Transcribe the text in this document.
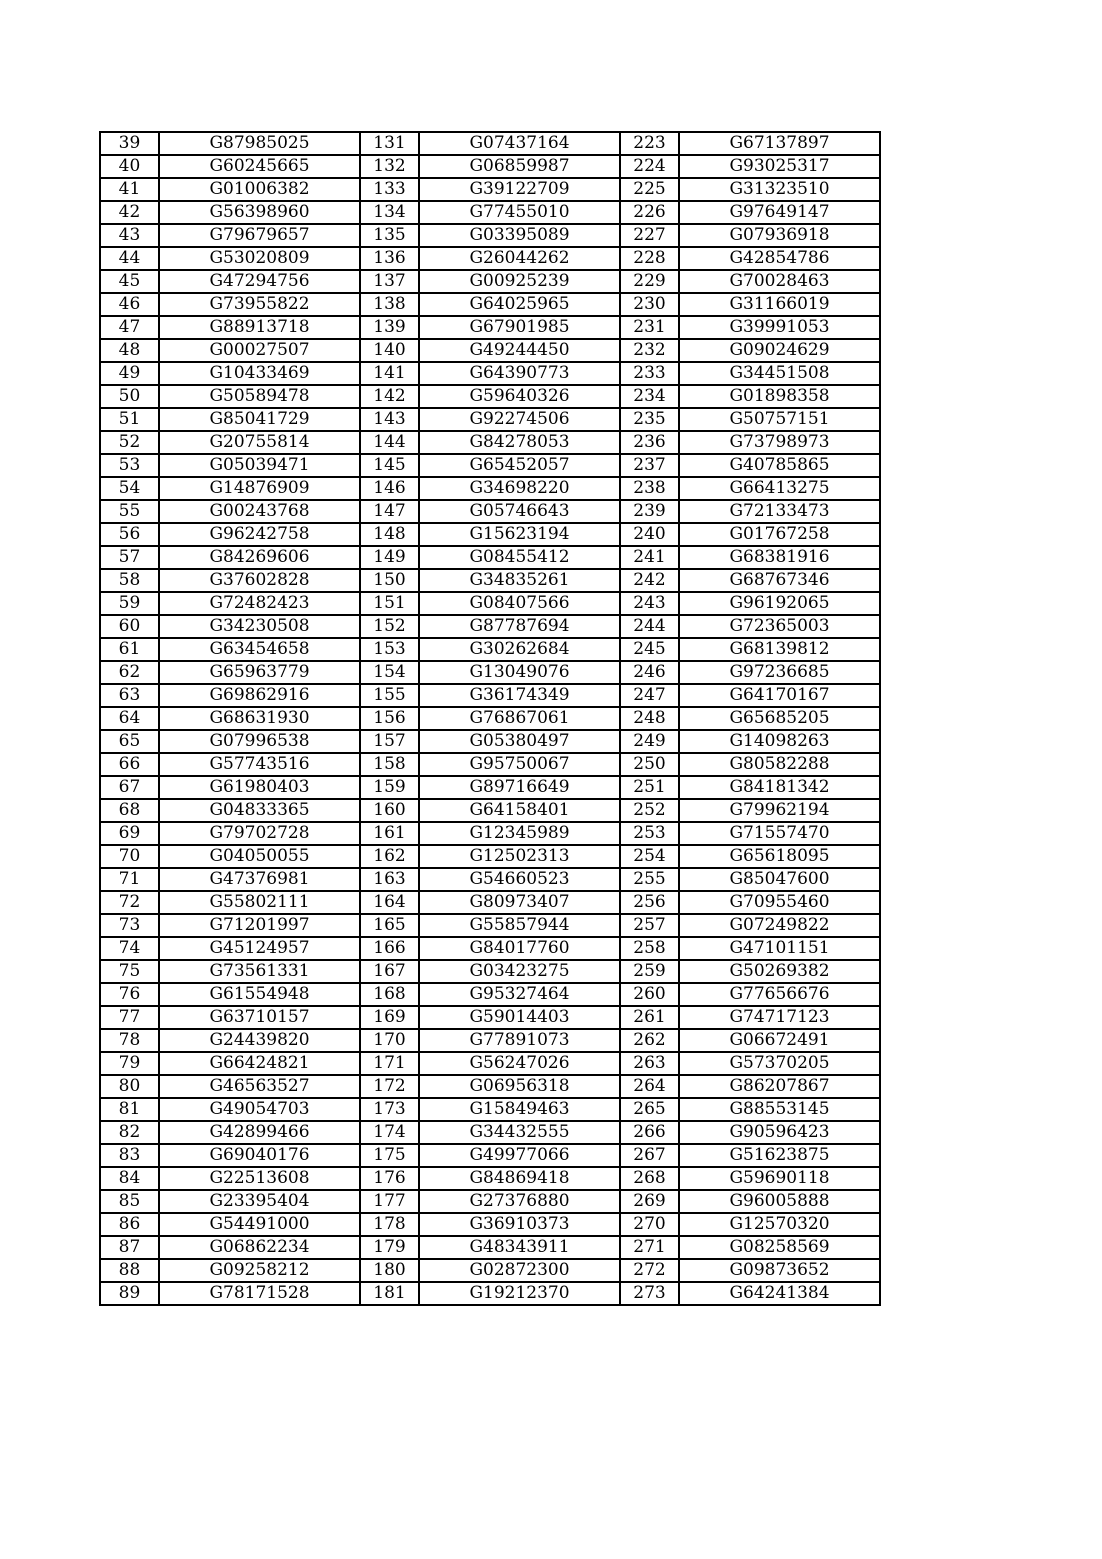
39	G87985025	131	G07437164	223	G67137897
40	G60245665	132	G06859987	224	G93025317
41	G01006382	133	G39122709	225	G31323510
42	G56398960	134	G77455010	226	G97649147
43	G79679657	135	G03395089	227	G07936918
44	G53020809	136	G26044262	228	G42854786
45	G47294756	137	G00925239	229	G70028463
46	G73955822	138	G64025965	230	G31166019
47	G88913718	139	G67901985	231	G39991053
48	G00027507	140	G49244450	232	G09024629
49	G10433469	141	G64390773	233	G34451508
50	G50589478	142	G59640326	234	G01898358
51	G85041729	143	G92274506	235	G50757151
52	G20755814	144	G84278053	236	G73798973
53	G05039471	145	G65452057	237	G40785865
54	G14876909	146	G34698220	238	G66413275
55	G00243768	147	G05746643	239	G72133473
56	G96242758	148	G15623194	240	G01767258
57	G84269606	149	G08455412	241	G68381916
58	G37602828	150	G34835261	242	G68767346
59	G72482423	151	G08407566	243	G96192065
60	G34230508	152	G87787694	244	G72365003
61	G63454658	153	G30262684	245	G68139812
62	G65963779	154	G13049076	246	G97236685
63	G69862916	155	G36174349	247	G64170167
64	G68631930	156	G76867061	248	G65685205
65	G07996538	157	G05380497	249	G14098263
66	G57743516	158	G95750067	250	G80582288
67	G61980403	159	G89716649	251	G84181342
68	G04833365	160	G64158401	252	G79962194
69	G79702728	161	G12345989	253	G71557470
70	G04050055	162	G12502313	254	G65618095
71	G47376981	163	G54660523	255	G85047600
72	G55802111	164	G80973407	256	G70955460
73	G71201997	165	G55857944	257	G07249822
74	G45124957	166	G84017760	258	G47101151
75	G73561331	167	G03423275	259	G50269382
76	G61554948	168	G95327464	260	G77656676
77	G63710157	169	G59014403	261	G74717123
78	G24439820	170	G77891073	262	G06672491
79	G66424821	171	G56247026	263	G57370205
80	G46563527	172	G06956318	264	G86207867
81	G49054703	173	G15849463	265	G88553145
82	G42899466	174	G34432555	266	G90596423
83	G69040176	175	G49977066	267	G51623875
84	G22513608	176	G84869418	268	G59690118
85	G23395404	177	G27376880	269	G96005888
86	G54491000	178	G36910373	270	G12570320
87	G06862234	179	G48343911	271	G08258569
88	G09258212	180	G02872300	272	G09873652
89	G78171528	181	G19212370	273	G64241384
